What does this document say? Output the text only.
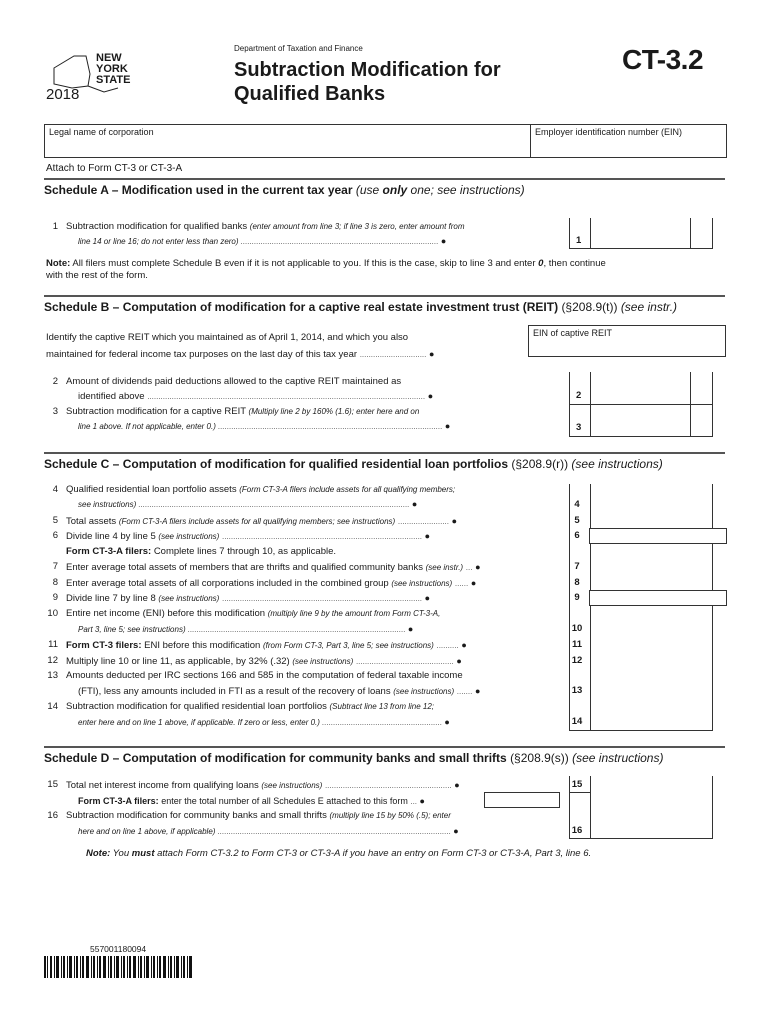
NEW
YORK
STATE
2018
Department of Taxation and Finance
Subtraction Modification for
Qualified Banks
CT-3.2
Legal name of corporation	Employer identification number (EIN)
Attach to Form CT-3 or CT-3-A
Schedule A – Modification used in the current tax year (use only one; see instructions)
1 Subtraction modification for qualified banks (enter amount from line 3; if line 3 is zero, enter amount from
line 14 or line 16; do not enter less than zero) ......................................................................................... ●	1
Note: All filers must complete Schedule B even if it is not applicable to you. If this is the case, skip to line 3 and enter 0, then continue
with the rest of the form.
Schedule B – Computation of modification for a captive real estate investment trust (REIT) (§208.9(t)) (see instr.)
Identify the captive REIT which you maintained as of April 1, 2014, and which you also
maintained for federal income tax purposes on the last day of this tax year .............................. ●
EIN of captive REIT
2
3
2 Amount of dividends paid deductions allowed to the captive REIT maintained as
identified above ............................................................................................................................. ●
3 Subtraction modification for a captive REIT (Multiply line 2 by 160% (1.6); enter here and on
line 1 above. If not applicable, enter 0.) ..................................................................................................... ●
Schedule C – Computation of modification for qualified residential loan portfolios (§208.9(r)) (see instructions)
4 Qualified residential loan portfolio assets (Form CT-3-A filers include assets for all qualifying members;
see instructions) .......................................................................................................................... ●	4
5 Total assets (Form CT-3-A filers include assets for all qualifying members; see instructions) ....................... ●	5
6 Divide line 4 by line 5 (see instructions) .......................................................................................... ●	6
Form CT-3-A filers: Complete lines 7 through 10, as applicable.
7 Enter average total assets of members that are thrifts and qualified community banks (see instr.) ... ●	7
8 Enter average total assets of all corporations included in the combined group (see instructions) ...... ●	8
9 Divide line 7 by line 8 (see instructions) .......................................................................................... ●	9
10 Entire net income (ENI) before this modification (multiply line 9 by the amount from Form CT-3-A,
Part 3, line 5; see instructions) .................................................................................................. ●	10
11 Form CT-3 filers: ENI before this modification (from Form CT-3, Part 3, line 5; see instructions) .......... ●	11
12 Multiply line 10 or line 11, as applicable, by 32% (.32) (see instructions) ............................................ ●	12
13 Amounts deducted per IRC sections 166 and 585 in the computation of federal taxable income
(FTI), less any amounts included in FTI as a result of the recovery of loans (see instructions) ....... ●	13
14 Subtraction modification for qualified residential loan portfolios (Subtract line 13 from line 12;
enter here and on line 1 above, if applicable. If zero or less, enter 0.) ...................................................... ●	14
Schedule D – Computation of modification for community banks and small thrifts (§208.9(s)) (see instructions)
15 Total net interest income from qualifying loans (see instructions) ......................................................... ●	15
Form CT-3-A filers: enter the total number of all Schedules E attached to this form ... ●
16 Subtraction modification for community banks and small thrifts (multiply line 15 by 50% (.5); enter
here and on line 1 above, if applicable) ......................................................................................................... ●	16
Note: You must attach Form CT-3.2 to Form CT-3 or CT-3-A if you have an entry on Form CT-3 or CT-3-A, Part 3, line 6.
557001180094
